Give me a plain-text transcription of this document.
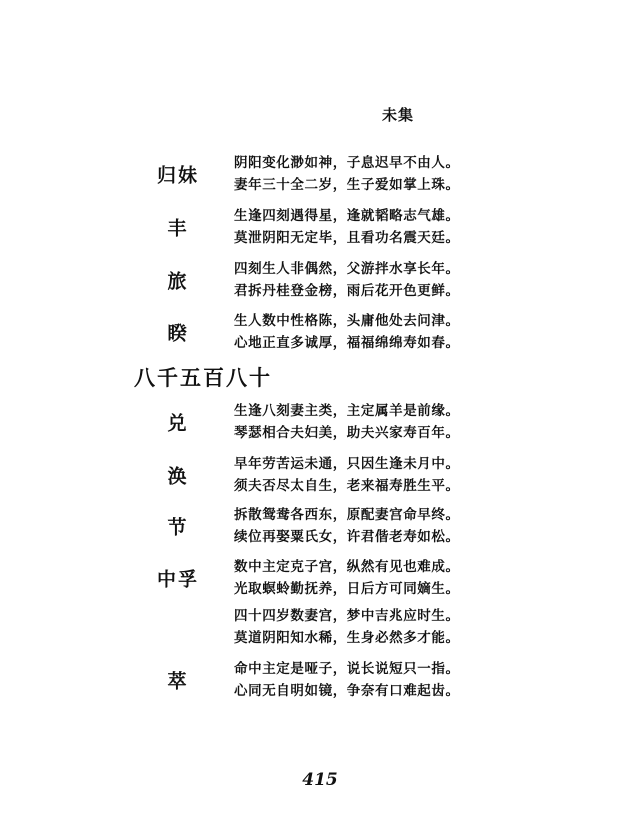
未集
归妹
阴阳变化渺如神，子息迟早不由人。
妻年三十全二岁，生子爱如掌上珠。
丰
生逢四刻遇得星，逢就韬略志气雄。
莫泄阴阳无定毕，且看功名震天廷。
旅
四刻生人非偶然，父游拌水享长年。
君拆丹桂登金榜，雨后花开色更鲜。
睽
生人数中性格陈，头庸他处去问津。
心地正直多诚厚，福福绵绵寿如春。
八千五百八十
兑
生逢八刻妻主类，主定属羊是前缘。
琴瑟相合夫妇美，助夫兴家寿百年。
涣
早年劳苦运未通，只因生逢未月中。
须夫否尽太自生，老来福寿胜生平。
节
拆散鸳鸯各西东，原配妻宫命早终。
续位再娶粟氏女，许君偕老寿如松。
中孚
数中主定克子宫，纵然有见也难成。
光取螟蛉勤抚养，日后方可同嫡生。
四十四岁数妻宫，梦中吉兆应时生。
莫道阴阳知水稀，生身必然多才能。
萃
命中主定是哑子，说长说短只一指。
心同无自明如镜，争奈有口难起齿。
415
